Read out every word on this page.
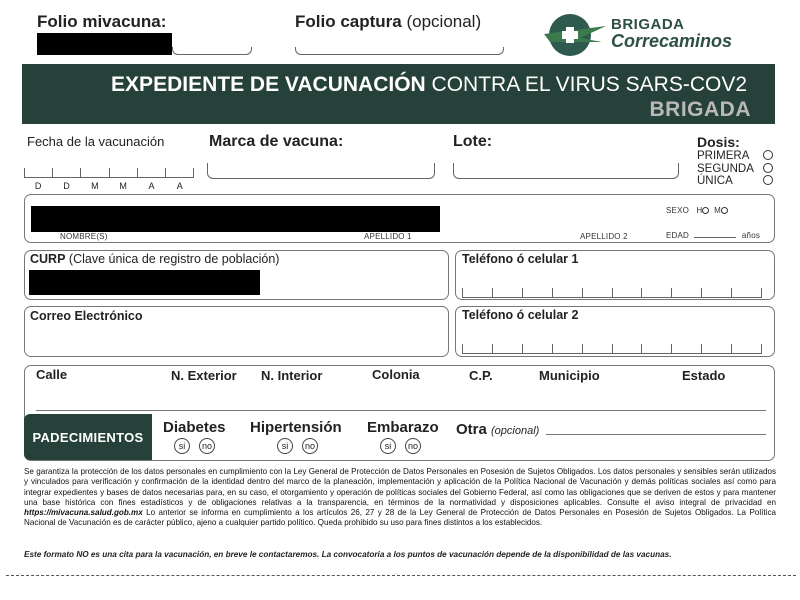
Folio mivacuna:	Folio captura (opcional)	BRIGADA
Correcaminos
EXPEDIENTE DE VACUNACIÓN CONTRA EL VIRUS SARS-COV2
BRIGADA
Fecha de la vacunación
D	D	M	M	A	A
Marca de vacuna:	Lote:	Dosis:
PRIMERA
SEGUNDA
ÚNICA
NOMBRE(S)	APELLIDO 1	APELLIDO 2
SEXO H M
EDAD	años
CURP (Clave única de registro de población)	Teléfono ó celular 1
Correo Electrónico	Teléfono ó celular 2
Calle	N. Exterior N. Interior	Colonia	C.P.	Municipio	Estado
PADECIMIENTOS
Diabetes
si	no
Hipertensión
si	no
Embarazo
si	no
Otra (opcional)
Se garantiza la protección de los datos personales en cumplimiento con la Ley General de Protección de Datos Personales en Posesión de Sujetos Obligados. Los datos personales y sensibles serán utilizados y vinculados para verificación y confirmación de la identidad dentro del marco de la planeación, implementación y aplicación de la Política Nacional de Vacunación y demás políticas sociales así como para integrar expedientes y bases de datos necesarias para, en su caso, el otorgamiento y operación de políticas sociales del Gobierno Federal, así como las obligaciones que se deriven de estos y para mantener una base histórica con fines estadísticos y de obligaciones relativas a la transparencia, en términos de la normatividad y disposiciones aplicables. Consulte el aviso integral de privacidad en https://mivacuna.salud.gob.mx Lo anterior se informa en cumplimiento a los artículos 26, 27 y 28 de la Ley General de Protección de Datos Personales en Posesión de Sujetos Obligados. La Política Nacional de Vacunación es de carácter público, ajeno a cualquier partido político. Queda prohibido su uso para fines distintos a los establecidos.
Este formato NO es una cita para la vacunación, en breve le contactaremos. La convocatoria a los puntos de vacunación depende de la disponibilidad de las vacunas.
